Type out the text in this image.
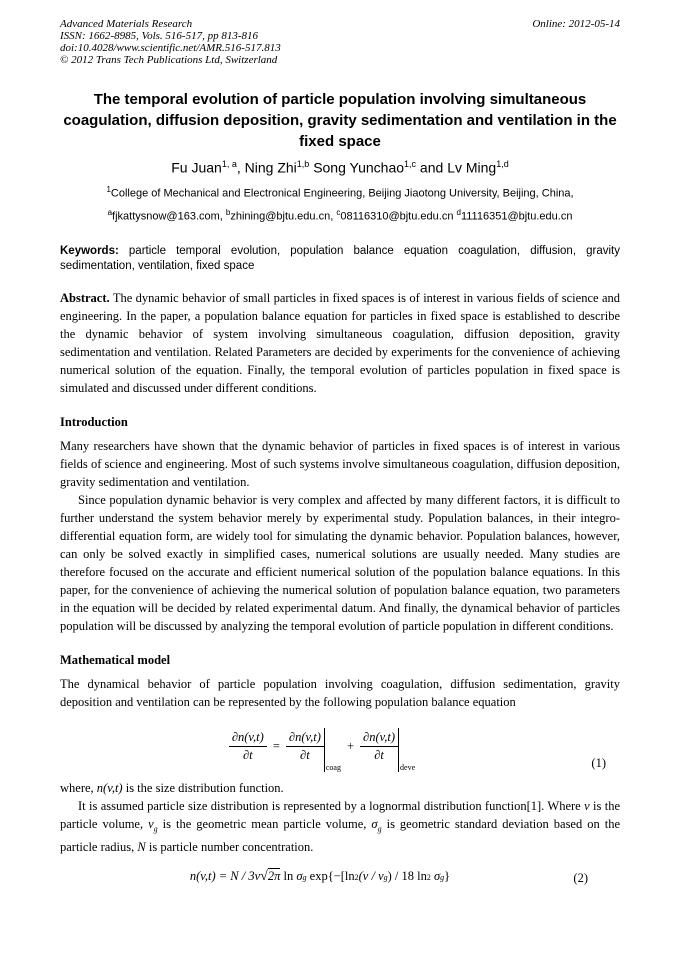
Advanced Materials Research
ISSN: 1662-8985, Vols. 516-517, pp 813-816
doi:10.4028/www.scientific.net/AMR.516-517.813
© 2012 Trans Tech Publications Ltd, Switzerland
Online: 2012-05-14
The temporal evolution of particle population involving simultaneous coagulation, diffusion deposition, gravity sedimentation and ventilation in the fixed space
Fu Juan$^{1, a}$, Ning Zhi$^{1,b}$ Song Yunchao$^{1,c}$ and Lv Ming$^{1,d}$
$^1$College of Mechanical and Electronical Engineering, Beijing Jiaotong University, Beijing, China,
$^a$fjkattysnow@163.com, $^b$zhining@bjtu.edu.cn, $^c$08116310@bjtu.edu.cn $^d$11116351@bjtu.edu.cn
Keywords: particle temporal evolution, population balance equation coagulation, diffusion, gravity sedimentation, ventilation, fixed space

Abstract. The dynamic behavior of small particles in fixed spaces is of interest in various fields of science and engineering. In the paper, a population balance equation for particles in fixed space is established to describe the dynamic behavior of system involving simultaneous coagulation, diffusion deposition, gravity sedimentation and ventilation. Related Parameters are decided by experiments for the convenience of achieving numerical solution of the equation. Finally, the temporal evolution of particles population in fixed space is simulated and discussed under different conditions.

Introduction

Many researchers have shown that the dynamic behavior of particles in fixed spaces is of interest in various fields of science and engineering. Most of such systems involve simultaneous coagulation, diffusion deposition, gravity sedimentation and ventilation.

Since population dynamic behavior is very complex and affected by many different factors, it is difficult to further understand the system behavior merely by experimental study. Population balances, in their integro-differential equation form, are widely tool for simulating the dynamic behavior. Population balances, however, can only be solved exactly in simplified cases, numerical solutions are usually needed. Many studies are therefore focused on the accurate and efficient numerical solution of the population balance equations. In this paper, for the convenience of achieving the numerical solution of population balance equation, two parameters in the equation will be decided by related experimental datum. And finally, the dynamical behavior of particles population will be discussed by analyzing the temporal evolution of particle population in different conditions.

Mathematical model

The dynamical behavior of particle population involving coagulation, diffusion sedimentation, gravity deposition and ventilation can be represented by the following population balance equation

$\frac{\partial n(v,t)}{\partial t} = \frac{\partial n(v,t)}{\partial t}$
coag
+ $\frac{\partial n(v,t)}{\partial t}$
deve	(1)

where, n(v,t) is the size distribution function.

It is assumed particle size distribution is represented by a lognormal distribution function[1]. Where v is the particle volume, $v_g$ is the geometric mean particle volume, $\sigma_g$ is geometric standard deviation based on the particle radius, N is particle number concentration.

n(v,t) = N / 3v √ 2π ln σ g exp{−[ln 2 (v / v g ) / 18 ln 2 σ g }	(2)
